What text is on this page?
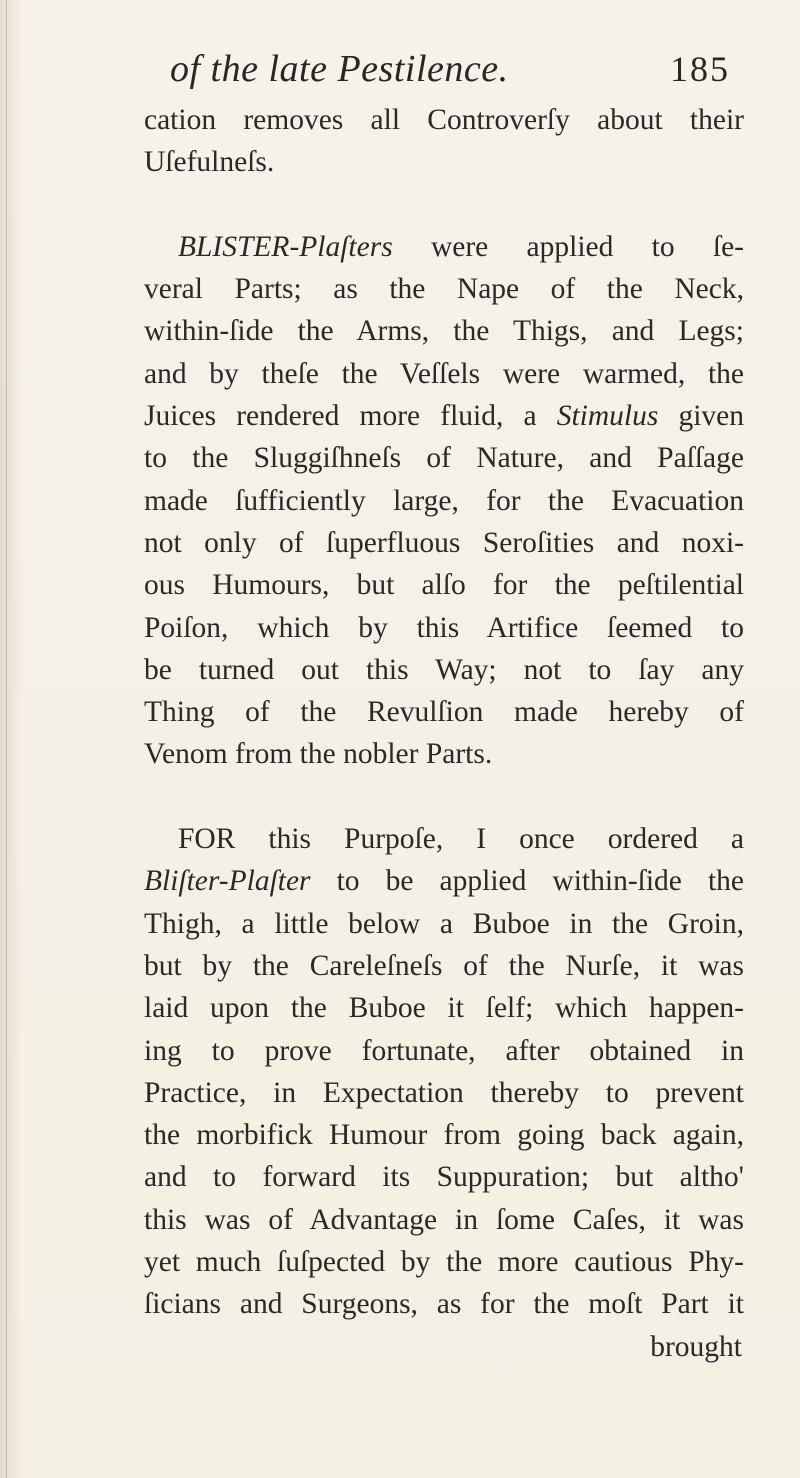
of the late Pestilence.	185
cation removes all Controverſy about their
Uſefulneſs.
BLISTER-Plaſters were applied to ſe-
veral Parts; as the Nape of the Neck,
within-ſide the Arms, the Thigs, and Legs;
and by theſe the Veſſels were warmed, the
Juices rendered more fluid, a Stimulus given
to the Sluggiſhneſs of Nature, and Paſſage
made ſufficiently large, for the Evacuation
not only of ſuperfluous Seroſities and noxi-
ous Humours, but alſo for the peſtilential
Poiſon, which by this Artifice ſeemed to
be turned out this Way; not to ſay any
Thing of the Revulſion made hereby of
Venom from the nobler Parts.
FOR this Purpoſe, I once ordered a
Bliſter-Plaſter to be applied within-ſide the
Thigh, a little below a Buboe in the Groin,
but by the Careleſneſs of the Nurſe, it was
laid upon the Buboe it ſelf; which happen-
ing to prove fortunate, after obtained in
Practice, in Expectation thereby to prevent
the morbifick Humour from going back again,
and to forward its Suppuration; but altho'
this was of Advantage in ſome Caſes, it was
yet much ſuſpected by the more cautious Phy-
ſicians and Surgeons, as for the moſt Part it
brought
